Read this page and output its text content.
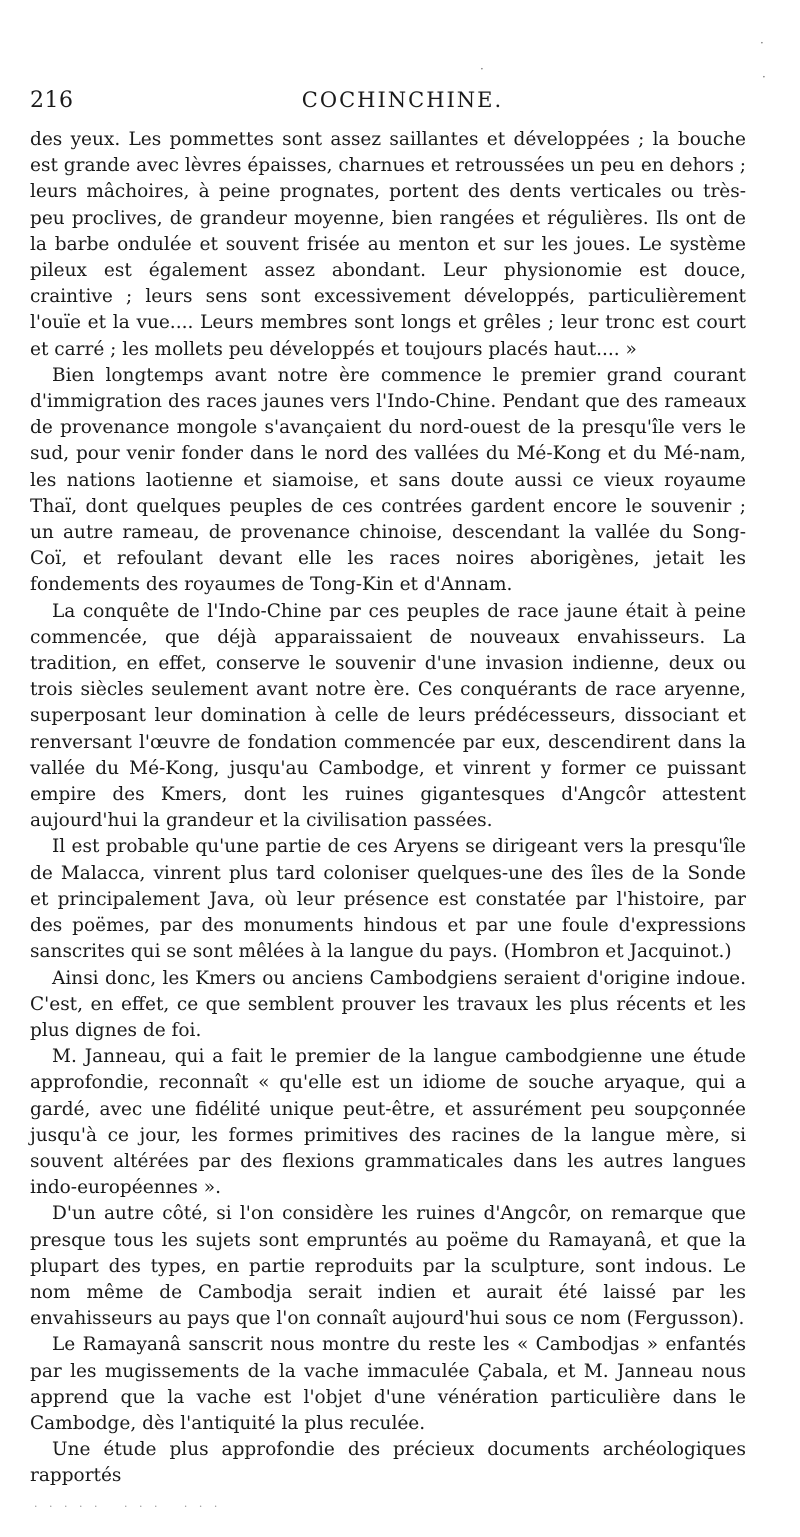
216	COCHINCHINE.

des yeux. Les pommettes sont assez saillantes et développées ; la bouche est grande avec lèvres épaisses, charnues et retroussées un peu en dehors ; leurs mâchoires, à peine prognates, portent des dents verticales ou très-peu proclives, de grandeur moyenne, bien rangées et régulières. Ils ont de la barbe ondulée et souvent frisée au menton et sur les joues. Le système pileux est également assez abondant. Leur physionomie est douce, craintive ; leurs sens sont excessivement développés, particulièrement l'ouïe et la vue.... Leurs membres sont longs et grêles ; leur tronc est court et carré ; les mollets peu développés et toujours placés haut.... »

Bien longtemps avant notre ère commence le premier grand courant d'immigration des races jaunes vers l'Indo-Chine. Pendant que des rameaux de provenance mongole s'avançaient du nord-ouest de la presqu'île vers le sud, pour venir fonder dans le nord des vallées du Mé-Kong et du Mé-nam, les nations laotienne et siamoise, et sans doute aussi ce vieux royaume Thaï, dont quelques peuples de ces contrées gardent encore le souvenir ; un autre rameau, de provenance chinoise, descendant la vallée du Song-Coï, et refoulant devant elle les races noires aborigènes, jetait les fondements des royaumes de Tong-Kin et d'Annam.

La conquête de l'Indo-Chine par ces peuples de race jaune était à peine commencée, que déjà apparaissaient de nouveaux envahisseurs. La tradition, en effet, conserve le souvenir d'une invasion indienne, deux ou trois siècles seulement avant notre ère. Ces conquérants de race aryenne, superposant leur domination à celle de leurs prédécesseurs, dissociant et renversant l'œuvre de fondation commencée par eux, descendirent dans la vallée du Mé-Kong, jusqu'au Cambodge, et vinrent y former ce puissant empire des Kmers, dont les ruines gigantesques d'Angcôr attestent aujourd'hui la grandeur et la civilisation passées.

Il est probable qu'une partie de ces Aryens se dirigeant vers la presqu'île de Malacca, vinrent plus tard coloniser quelques-une des îles de la Sonde et principalement Java, où leur présence est constatée par l'histoire, par des poëmes, par des monuments hindous et par une foule d'expressions sanscrites qui se sont mêlées à la langue du pays. (Hombron et Jacquinot.)

Ainsi donc, les Kmers ou anciens Cambodgiens seraient d'origine indoue. C'est, en effet, ce que semblent prouver les travaux les plus récents et les plus dignes de foi.

M. Janneau, qui a fait le premier de la langue cambodgienne une étude approfondie, reconnaît « qu'elle est un idiome de souche aryaque, qui a gardé, avec une fidélité unique peut-être, et assurément peu soupçonnée jusqu'à ce jour, les formes primitives des racines de la langue mère, si souvent altérées par des flexions grammaticales dans les autres langues indo-européennes ».

D'un autre côté, si l'on considère les ruines d'Angcôr, on remarque que presque tous les sujets sont empruntés au poëme du Ramayanâ, et que la plupart des types, en partie reproduits par la sculpture, sont indous. Le nom même de Cambodja serait indien et aurait été laissé par les envahisseurs au pays que l'on connaît aujourd'hui sous ce nom (Fergusson).

Le Ramayanâ sanscrit nous montre du reste les « Cambodjas » enfantés par les mugissements de la vache immaculée Çabala, et M. Janneau nous apprend que la vache est l'objet d'une vénération particulière dans le Cambodge, dès l'antiquité la plus reculée.

Une étude plus approfondie des précieux documents archéologiques rapportés

·
·
·
· · · · ·   · · ·   · · ·
